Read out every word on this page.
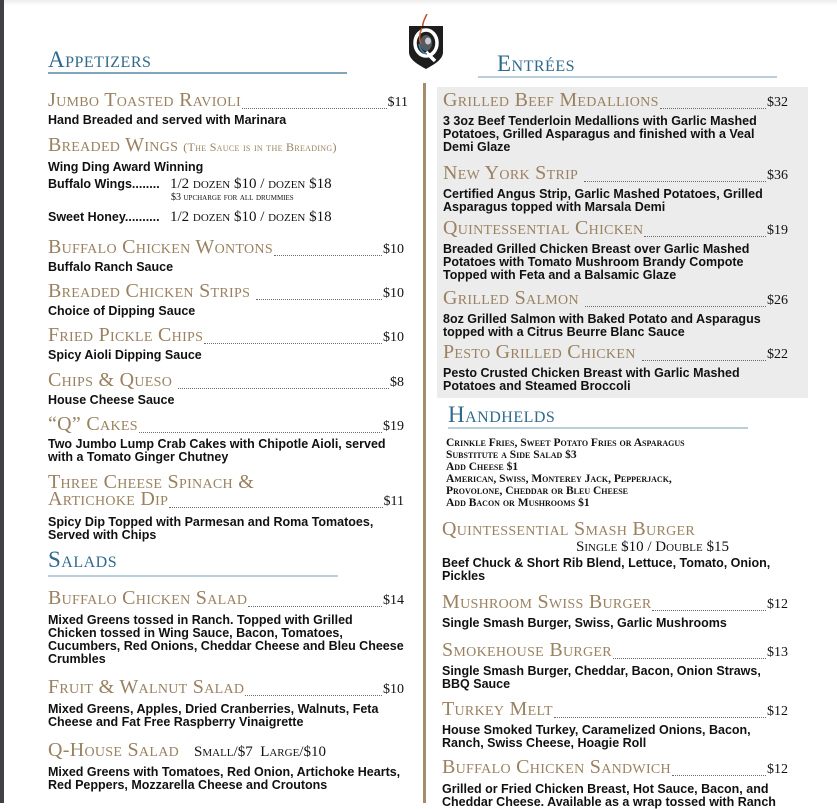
Appetizers
Jumbo Toasted Ravioli	$11
Hand Breaded and served with Marinara
Breaded Wings
(The Sauce is in the Breading)
Wing Ding Award Winning
Buffalo Wings........ 1/2 dozen $10 / dozen $18
$3 upcharge for all drummies
Sweet Honey.......... 1/2 dozen $10 / dozen $18
Buffalo Chicken Wontons	$10
Buffalo Ranch Sauce
Breaded Chicken Strips	$10
Choice of Dipping Sauce
Fried Pickle Chips	$10
Spicy Aioli Dipping Sauce
Chips & Queso	$8
House Cheese Sauce
“Q” Cakes	$19
Two Jumbo Lump Crab Cakes with Chipotle Aioli, served with a Tomato Ginger Chutney
Three Cheese Spinach &
Artichoke Dip	$11
Spicy Dip Topped with Parmesan and Roma Tomatoes, Served with Chips
Salads
Buffalo Chicken Salad	$14
Mixed Greens tossed in Ranch. Topped with Grilled Chicken tossed in Wing Sauce, Bacon, Tomatoes, Cucumbers, Red Onions, Cheddar Cheese and Bleu Cheese Crumbles
Fruit & Walnut Salad	$10
Mixed Greens, Apples, Dried Cranberries, Walnuts, Feta Cheese and Fat Free Raspberry Vinaigrette
Q-House Salad
Small/$7  Large/$10
Mixed Greens with Tomatoes, Red Onion, Artichoke Hearts, Red Peppers, Mozzarella Cheese and Croutons
Entrées
Grilled Beef Medallions	$32
3 3oz Beef Tenderloin Medallions with Garlic Mashed Potatoes, Grilled Asparagus and finished with a Veal Demi Glaze
New York Strip	$36
Certified Angus Strip, Garlic Mashed Potatoes, Grilled Asparagus topped with Marsala Demi
Quintessential Chicken	$19
Breaded Grilled Chicken Breast over Garlic Mashed Potatoes with Tomato Mushroom Brandy Compote Topped with Feta and a Balsamic Glaze
Grilled Salmon	$26
8oz Grilled Salmon with Baked Potato and Asparagus topped with a Citrus Beurre Blanc Sauce
Pesto Grilled Chicken	$22
Pesto Crusted Chicken Breast with Garlic Mashed Potatoes and Steamed Broccoli
Handhelds
Crinkle Fries, Sweet Potato Fries or Asparagus
Substitute a Side Salad $3
Add Cheese $1
American, Swiss, Monterey Jack, Pepperjack,
Provolone, Cheddar or Bleu Cheese
Add Bacon or Mushrooms $1
Quintessential Smash Burger
Single $10 / Double $15
Beef Chuck & Short Rib Blend, Lettuce, Tomato, Onion, Pickles
Mushroom Swiss Burger	$12
Single Smash Burger, Swiss, Garlic Mushrooms
Smokehouse Burger	$13
Single Smash Burger, Cheddar, Bacon, Onion Straws, BBQ Sauce
Turkey Melt	$12
House Smoked Turkey, Caramelized Onions, Bacon, Ranch, Swiss Cheese, Hoagie Roll
Buffalo Chicken Sandwich	$12
Grilled or Fried Chicken Breast, Hot Sauce, Bacon, and Cheddar Cheese. Available as a wrap tossed with Ranch
